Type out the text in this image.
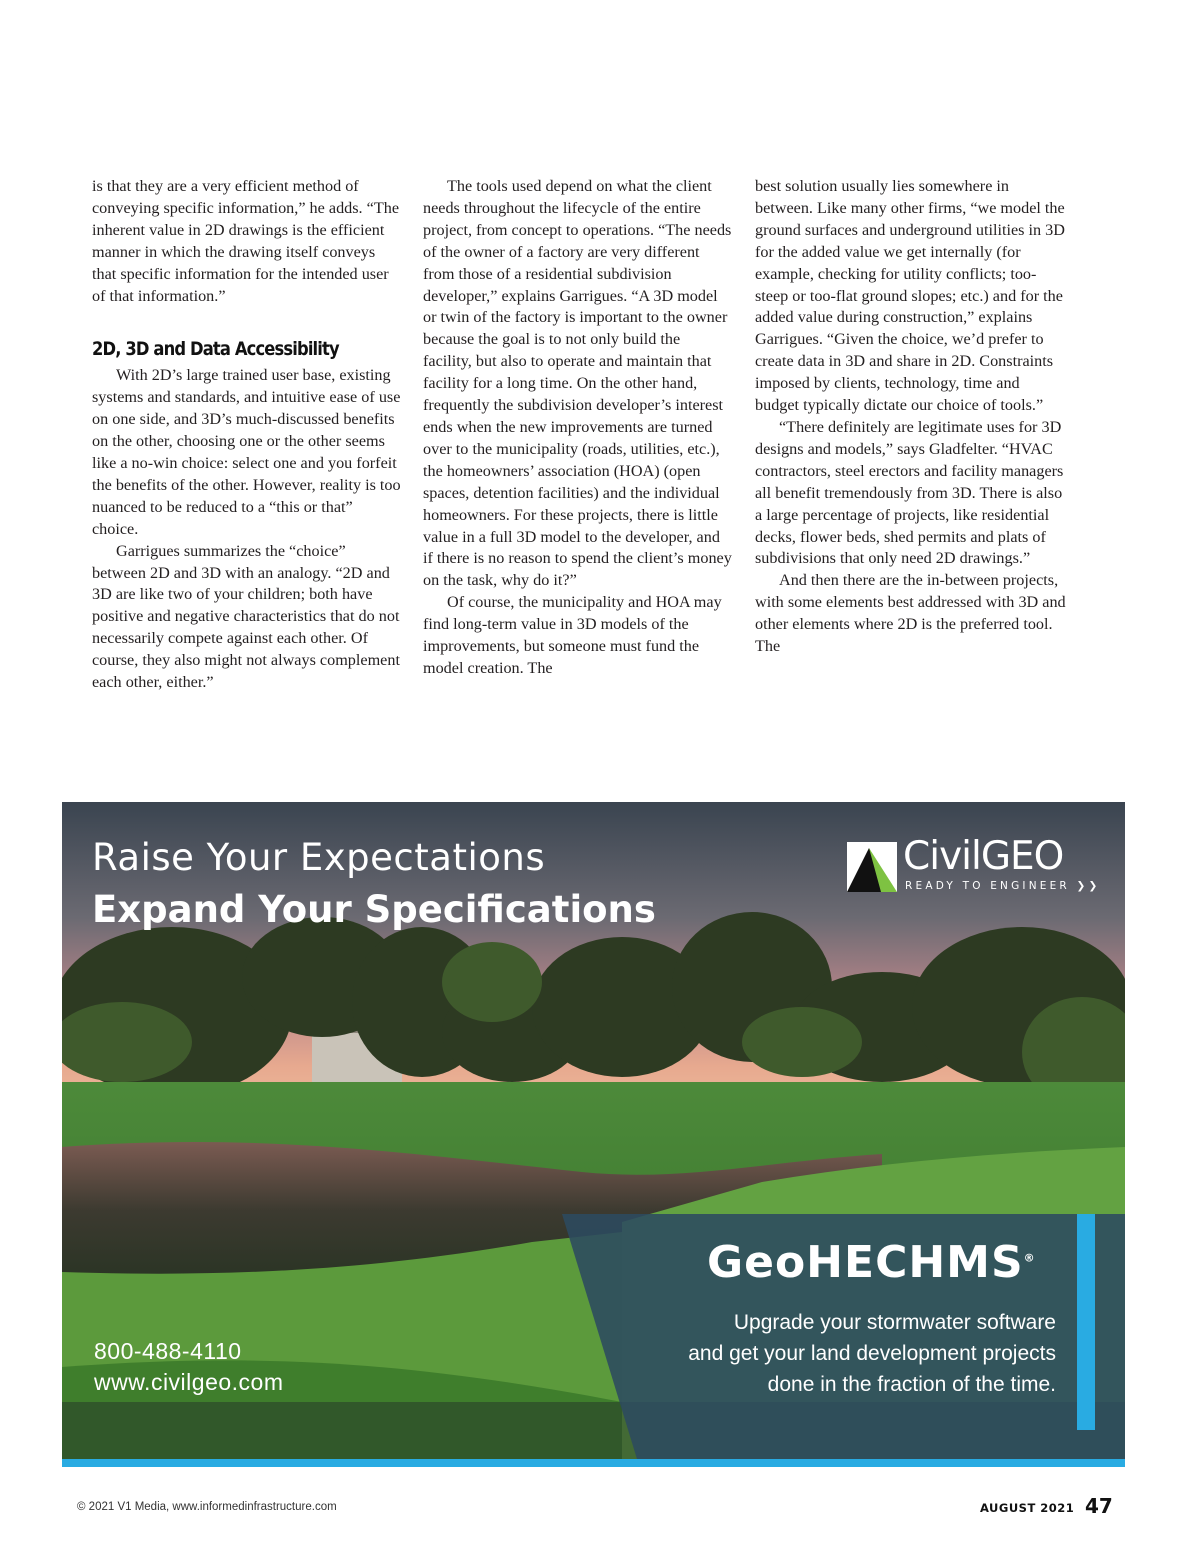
is that they are a very efficient method of conveying specific information,” he adds. “The inherent value in 2D drawings is the efficient manner in which the drawing itself conveys that specific information for the intended user of that information.”

2D, 3D and Data Accessibility

With 2D’s large trained user base, existing systems and standards, and intuitive ease of use on one side, and 3D’s much-discussed benefits on the other, choosing one or the other seems like a no-win choice: select one and you forfeit the benefits of the other. However, reality is too nuanced to be reduced to a “this or that” choice.

Garrigues summarizes the “choice” between 2D and 3D with an analogy. “2D and 3D are like two of your children; both have positive and negative characteristics that do not necessarily compete against each other. Of course, they also might not always complement each other, either.”

The tools used depend on what the client needs throughout the lifecycle of the entire project, from concept to operations. “The needs of the owner of a factory are very different from those of a residential subdivision developer,” explains Garrigues. “A 3D model or twin of the factory is important to the owner because the goal is to not only build the facility, but also to operate and maintain that facility for a long time. On the other hand, frequently the subdivision developer’s interest ends when the new improvements are turned over to the municipality (roads, utilities, etc.), the homeowners’ association (HOA) (open spaces, detention facilities) and the individual homeowners. For these projects, there is little value in a full 3D model to the developer, and if there is no reason to spend the client’s money on the task, why do it?”

Of course, the municipality and HOA may find long-term value in 3D models of the improvements, but someone must fund the model creation. The

best solution usually lies somewhere in between. Like many other firms, “we model the ground surfaces and underground utilities in 3D for the added value we get internally (for example, checking for utility conflicts; too-steep or too-flat ground slopes; etc.) and for the added value during construction,” explains Garrigues. “Given the choice, we’d prefer to create data in 3D and share in 2D. Constraints imposed by clients, technology, time and budget typically dictate our choice of tools.”

“There definitely are legitimate uses for 3D designs and models,” says Gladfelter. “HVAC contractors, steel erectors and facility managers all benefit tremendously from 3D. There is also a large percentage of projects, like residential decks, flower beds, shed permits and plats of subdivisions that only need 2D drawings.”

And then there are the in-between projects, with some elements best addressed with 3D and other elements where 2D is the preferred tool. The

Raise Your Expectations
Expand Your Specifications
CivilGEO
READY TO ENGINEER ❯❯
GeoHECHMS®
Upgrade your stormwater software
and get your land development projects
done in the fraction of the time.
800-488-4110
www.civilgeo.com
© 2021 V1 Media, www.informedinfrastructure.com	AUGUST 2021 47
